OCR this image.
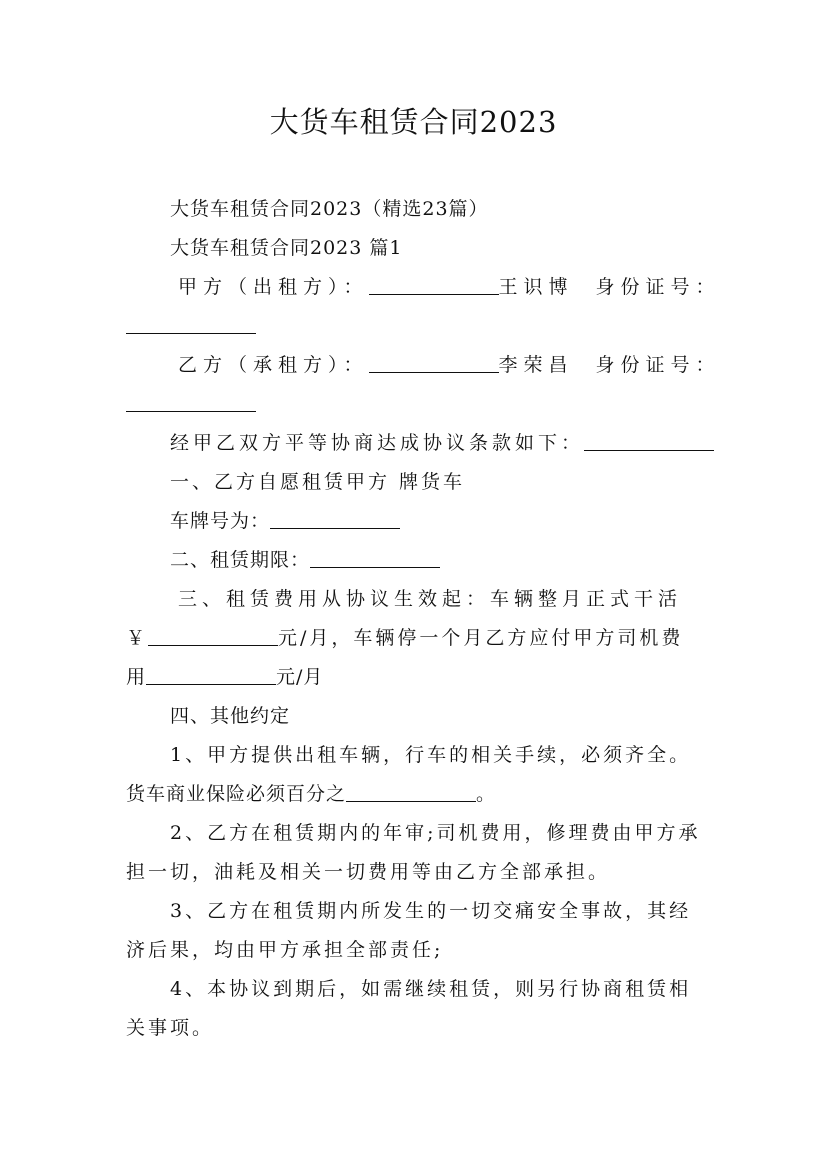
大货车租赁合同2023

大货车租赁合同2023（精选23篇）

大货车租赁合同2023 篇1

甲方（出租方）：	王识博 身份证号：

乙方（承租方）：	李荣昌 身份证号：

经甲乙双方平等协商达成协议条款如下：

一、乙方自愿租赁甲方 牌货车

车牌号为：

二、租赁期限：

三、租赁费用从协议生效起：车辆整月正式干活

￥	元/月，车辆停一个月乙方应付甲方司机费

用	元/月

四、其他约定

1、甲方提供出租车辆，行车的相关手续，必须齐全。

货车商业保险必须百分之	。

2、乙方在租赁期内的年审;司机费用，修理费由甲方承

担一切，油耗及相关一切费用等由乙方全部承担。

3、乙方在租赁期内所发生的一切交痛安全事故，其经

济后果，均由甲方承担全部责任;

4、本协议到期后，如需继续租赁，则另行协商租赁相

关事项。
